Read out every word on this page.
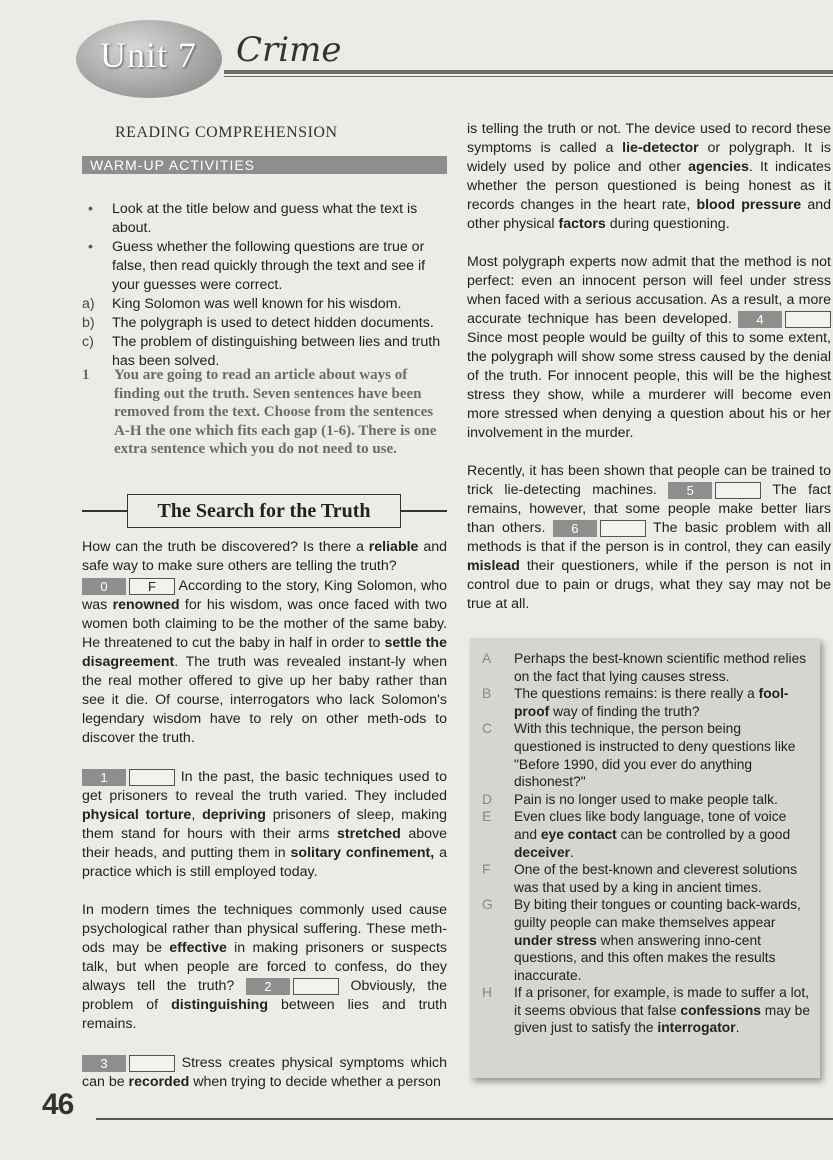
Unit 7 Crime
READING COMPREHENSION
WARM-UP ACTIVITIES
• Look at the title below and guess what the text is about.
• Guess whether the following questions are true or false, then read quickly through the text and see if your guesses were correct.
a) King Solomon was well known for his wisdom.
b) The polygraph is used to detect hidden documents.
c) The problem of distinguishing between lies and truth has been solved.
1	You are going to read an article about ways of finding out the truth. Seven sentences have been removed from the text. Choose from the sentences A-H the one which fits each gap (1-6). There is one extra sentence which you do not need to use.
The Search for the Truth

How can the truth be discovered? Is there a reliable and safe way to make sure others are telling the truth?

0	F According to the story, King Solomon, who was renowned for his wisdom, was once faced with two women both claiming to be the mother of the same baby. He threatened to cut the baby in half in order to settle the disagreement. The truth was revealed instant-ly when the real mother offered to give up her baby rather than see it die. Of course, interrogators who lack Solomon's legendary wisdom have to rely on other meth-ods to discover the truth.

1	In the past, the basic techniques used to get prisoners to reveal the truth varied. They included physical torture, depriving prisoners of sleep, making them stand for hours with their arms stretched above their heads, and putting them in solitary confinement, a practice which is still employed today.

In modern times the techniques commonly used cause psychological rather than physical suffering. These meth-ods may be effective in making prisoners or suspects talk, but when people are forced to confess, do they always tell the truth? 2	Obviously, the problem of distinguishing between lies and truth remains.

3	Stress creates physical symptoms which can be recorded when trying to decide whether a person

is telling the truth or not. The device used to record these symptoms is called a lie-detector or polygraph. It is widely used by police and other agencies. It indicates whether the person questioned is being honest as it records changes in the heart rate, blood pressure and other physical factors during questioning.

Most polygraph experts now admit that the method is not perfect: even an innocent person will feel under stress when faced with a serious accusation. As a result, a more accurate technique has been developed. 4 Since most people would be guilty of this to some extent, the polygraph will show some stress caused by the denial of the truth. For innocent people, this will be the highest stress they show, while a murderer will become even more stressed when denying a question about his or her involvement in the murder.

Recently, it has been shown that people can be trained to trick lie-detecting machines. 5	The fact remains, however, that some people make better liars than others. 6	The basic problem with all methods is that if the person is in control, they can easily mislead their questioners, while if the person is not in control due to pain or drugs, what they say may not be true at all.

A Perhaps the best-known scientific method relies on the fact that lying causes stress.
B The questions remains: is there really a fool-proof way of finding the truth?
C With this technique, the person being questioned is instructed to deny questions like "Before 1990, did you ever do anything dishonest?"
D Pain is no longer used to make people talk.
E Even clues like body language, tone of voice and eye contact can be controlled by a good deceiver.
F One of the best-known and cleverest solutions was that used by a king in ancient times.
G By biting their tongues or counting back-wards, guilty people can make themselves appear under stress when answering inno-cent questions, and this often makes the results inaccurate.
H If a prisoner, for example, is made to suffer a lot, it seems obvious that false confessions may be given just to satisfy the interrogator.
46
